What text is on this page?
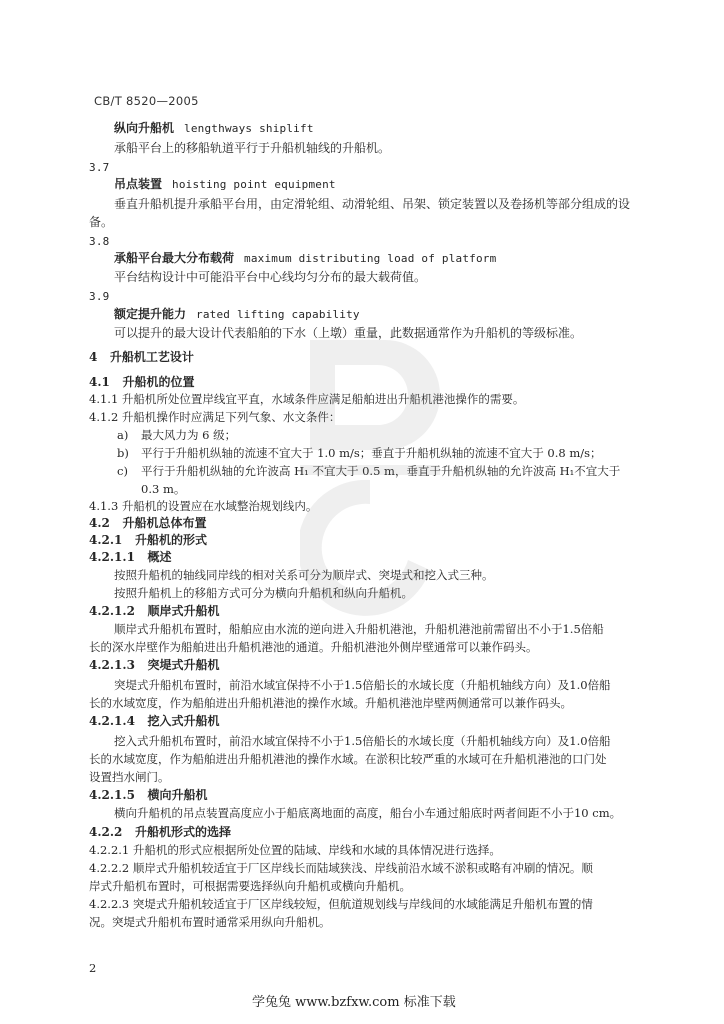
CB/T 8520—2005
纵向升船机 lengthways shiplift
承船平台上的移船轨道平行于升船机轴线的升船机。
3.7
吊点装置 hoisting point equipment
垂直升船机提升承船平台用，由定滑轮组、动滑轮组、吊架、锁定装置以及卷扬机等部分组成的设
备。
3.8
承船平台最大分布载荷 maximum distributing load of platform
平台结构设计中可能沿平台中心线均匀分布的最大载荷值。
3.9
额定提升能力 rated lifting capability
可以提升的最大设计代表船舶的下水（上墩）重量，此数据通常作为升船机的等级标准。
4 升船机工艺设计
4.1 升船机的位置
4.1.1 升船机所处位置岸线宜平直，水域条件应满足船舶进出升船机港池操作的需要。
4.1.2 升船机操作时应满足下列气象、水文条件：
a) 最大风力为 6 级；
b) 平行于升船机纵轴的流速不宜大于 1.0 m/s；垂直于升船机纵轴的流速不宜大于 0.8 m/s；
c) 平行于升船机纵轴的允许波高 H₁ 不宜大于 0.5 m，垂直于升船机纵轴的允许波高 H₁不宜大于
0.3 m。
4.1.3 升船机的设置应在水域整治规划线内。
4.2 升船机总体布置
4.2.1 升船机的形式
4.2.1.1 概述
按照升船机的轴线同岸线的相对关系可分为顺岸式、突堤式和挖入式三种。
按照升船机上的移船方式可分为横向升船机和纵向升船机。
4.2.1.2 顺岸式升船机
顺岸式升船机布置时，船舶应由水流的逆向进入升船机港池，升船机港池前需留出不小于1.5倍船
长的深水岸壁作为船舶进出升船机港池的通道。升船机港池外侧岸壁通常可以兼作码头。
4.2.1.3 突堤式升船机
突堤式升船机布置时，前沿水域宜保持不小于1.5倍船长的水域长度（升船机轴线方向）及1.0倍船
长的水域宽度，作为船舶进出升船机港池的操作水域。升船机港池岸壁两侧通常可以兼作码头。
4.2.1.4 挖入式升船机
挖入式升船机布置时，前沿水域宜保持不小于1.5倍船长的水域长度（升船机轴线方向）及1.0倍船
长的水域宽度，作为船舶进出升船机港池的操作水域。在淤积比较严重的水域可在升船机港池的口门处
设置挡水闸门。
4.2.1.5 横向升船机
横向升船机的吊点装置高度应小于船底离地面的高度，船台小车通过船底时两者间距不小于10 cm。
4.2.2 升船机形式的选择
4.2.2.1 升船机的形式应根据所处位置的陆域、岸线和水域的具体情况进行选择。
4.2.2.2 顺岸式升船机较适宜于厂区岸线长而陆域狭浅、岸线前沿水域不淤积或略有冲刷的情况。顺
岸式升船机布置时，可根据需要选择纵向升船机或横向升船机。
4.2.2.3 突堤式升船机较适宜于厂区岸线较短，但航道规划线与岸线间的水域能满足升船机布置的情
况。突堤式升船机布置时通常采用纵向升船机。
2
学兔兔 www.bzfxw.com 标准下载
